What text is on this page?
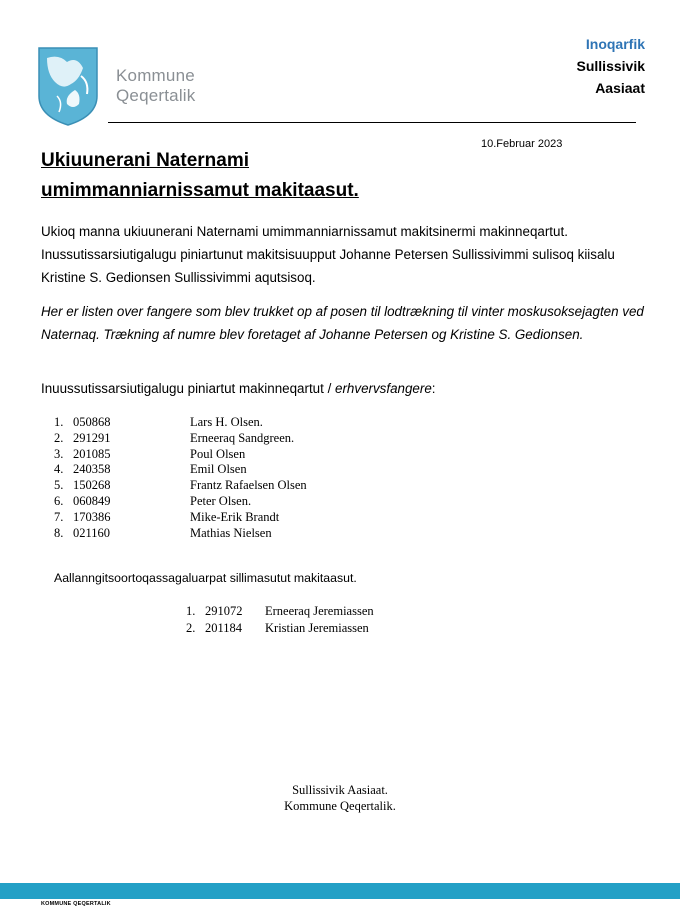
Kommune
Qeqertalik
Inoqarfik
Sullissivik
Aasiaat
10.Februar 2023
Ukiuunerani Naternami
umimmanniarnissamut makitaasut.
Ukioq manna ukiuunerani Naternami umimmanniarnissamut makitsinermi makinneqartut. Inussutissarsiutigalugu piniartunut makitsisuupput Johanne Petersen Sullissivimmi sulisoq kiisalu Kristine S. Gedionsen Sullissivimmi aqutsisoq.
Her er listen over fangere som blev trukket op af posen til lodtrækning til vinter moskusoksejagten ved Naternaq. Trækning af numre blev foretaget af Johanne Petersen og Kristine S. Gedionsen.
Inuussutissarsiutigalugu piniartut makinneqartut / erhvervsfangere:
1. 050868	Lars H. Olsen.
2. 291291	Erneeraq Sandgreen.
3. 201085	Poul Olsen
4. 240358	Emil Olsen
5. 150268	Frantz Rafaelsen Olsen
6. 060849	Peter Olsen.
7. 170386	Mike-Erik Brandt
8. 021160	Mathias Nielsen
Aallanngitsoortoqassagaluarpat sillimasutut makitaasut.
1. 291072	Erneeraq Jeremiassen
2. 201184	Kristian Jeremiassen
Sullissivik Aasiaat.
Kommune Qeqertalik.
KOMMUNE QEQERTALIK
